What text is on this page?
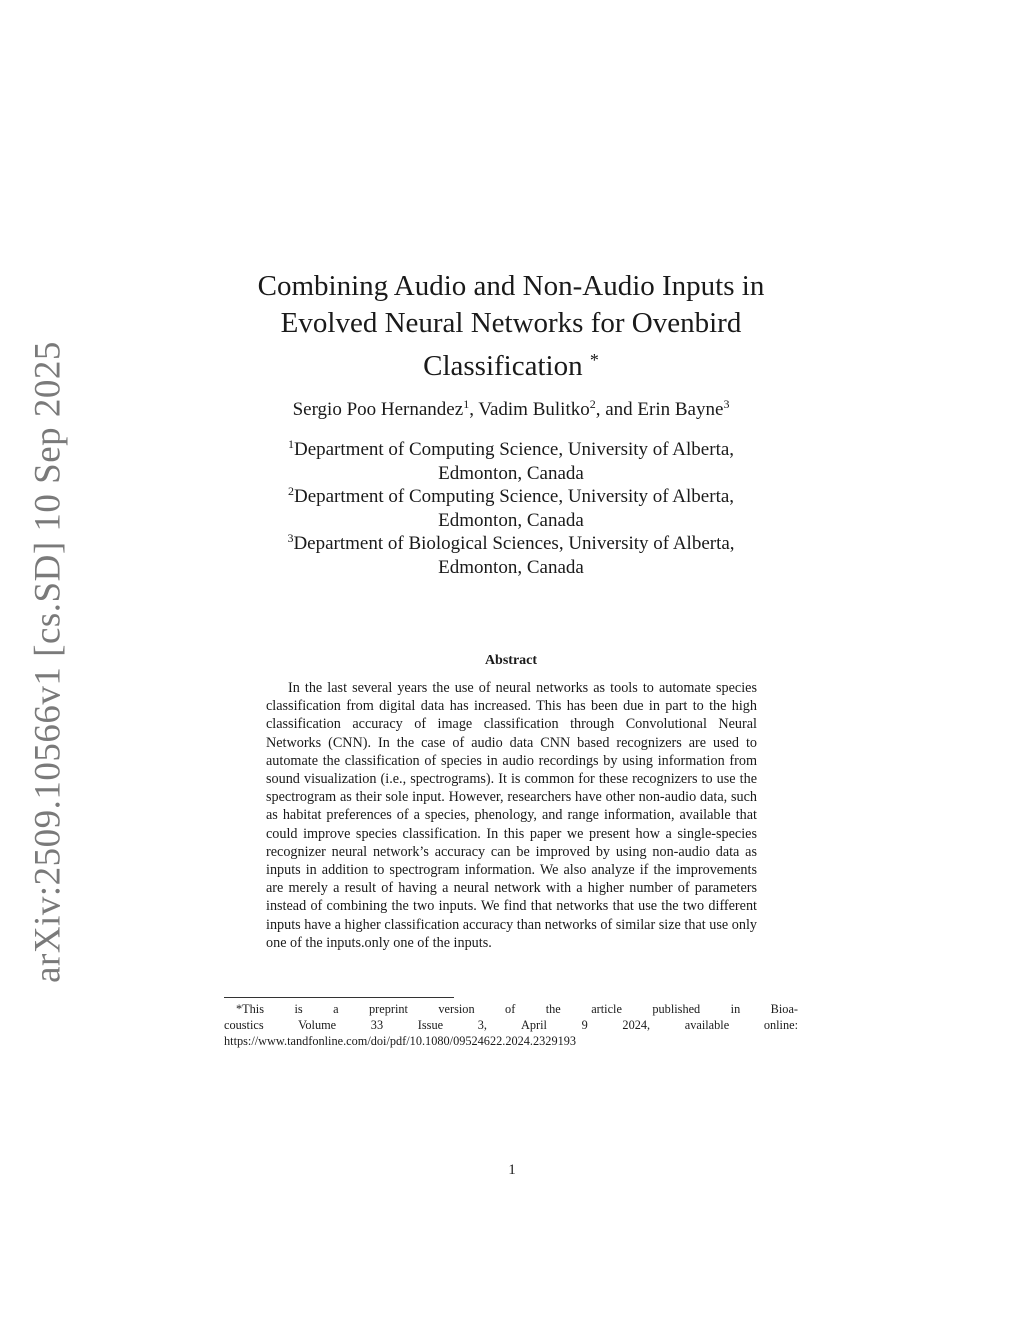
arXiv:2509.10566v1 [cs.SD] 10 Sep 2025
Combining Audio and Non-Audio Inputs in
Evolved Neural Networks for Ovenbird
Classification *
Sergio Poo Hernandez$^1$, Vadim Bulitko$^2$, and Erin Bayne$^3$
$^1$Department of Computing Science, University of Alberta,
Edmonton, Canada
$^2$Department of Computing Science, University of Alberta,
Edmonton, Canada
$^3$Department of Biological Sciences, University of Alberta,
Edmonton, Canada
Abstract
In the last several years the use of neural networks as tools to automate species classification from digital data has increased. This has been due in part to the high classification accuracy of image classification through Convolutional Neural Networks (CNN). In the case of audio data CNN based recognizers are used to automate the classification of species in audio recordings by using information from sound visualization (i.e., spectrograms). It is common for these recognizers to use the spectrogram as their sole input. However, researchers have other non-audio data, such as habitat preferences of a species, phenology, and range information, available that could improve species classification. In this paper we present how a single-species recognizer neural network’s accuracy can be improved by using non-audio data as inputs in addition to spectrogram information. We also analyze if the improvements are merely a result of having a neural network with a higher number of parameters instead of combining the two inputs. We find that networks that use the two different inputs have a higher classification accuracy than networks of similar size that use only one of the inputs.only one of the inputs.
*This is a preprint version of the article published in Bioa-
coustics Volume 33 Issue 3, April 9 2024, available online:
https://www.tandfonline.com/doi/pdf/10.1080/09524622.2024.2329193
1
